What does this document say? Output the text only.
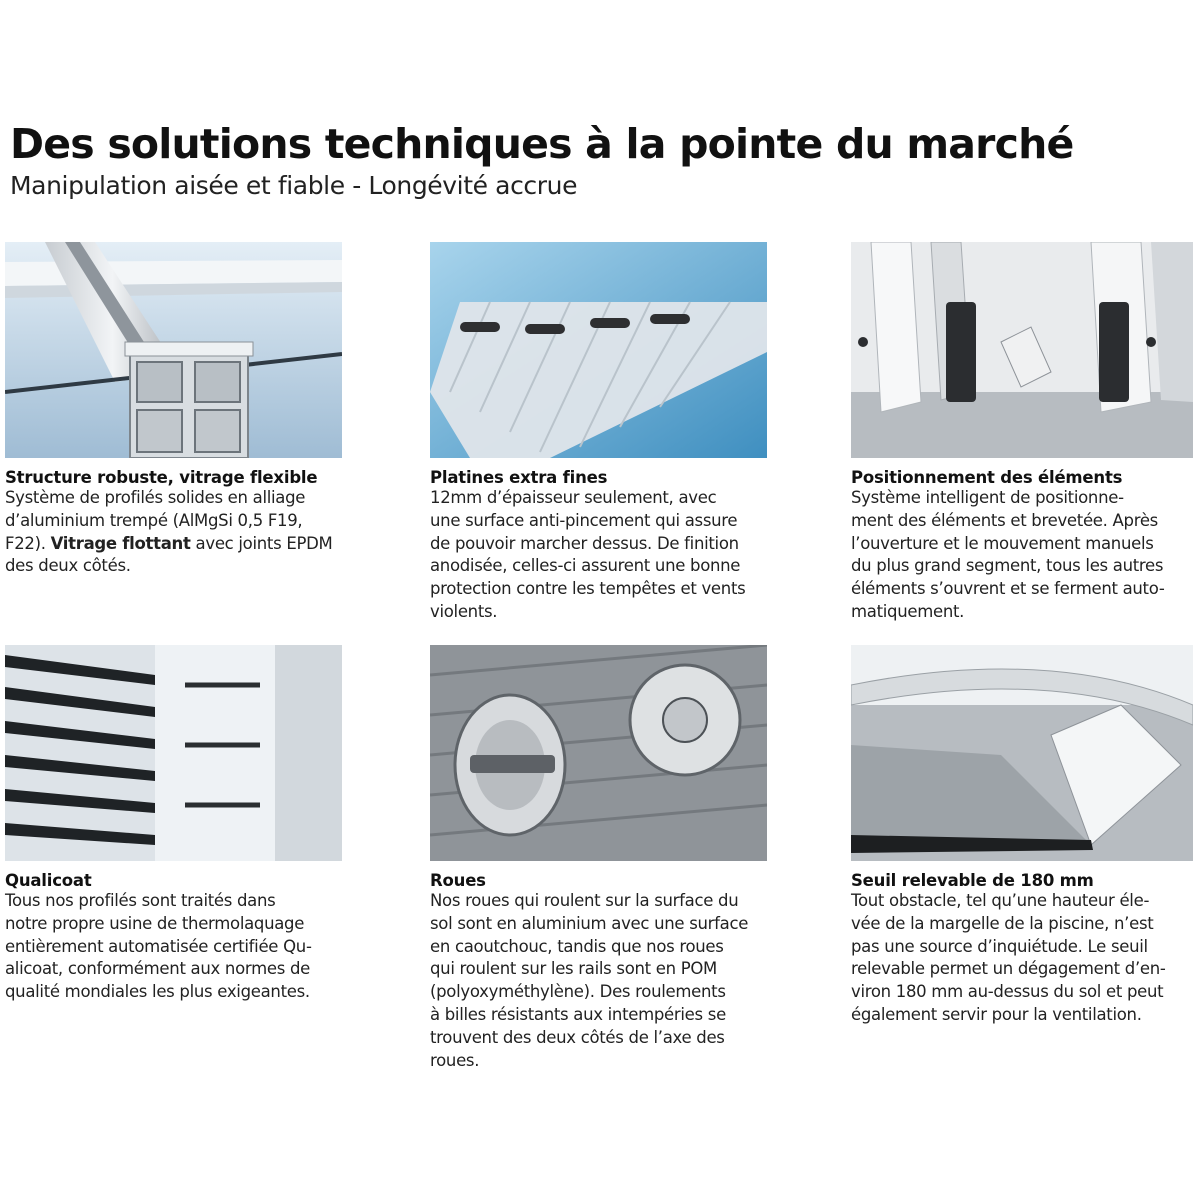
Des solutions techniques à la pointe du marché
Manipulation aisée et fiable - Longévité accrue
Structure robuste, vitrage flexible

Système de profilés solides en alliage
d’aluminium trempé (AlMgSi 0,5 F19,
F22). Vitrage flottant avec joints EPDM
des deux côtés.

Platines extra fines

12mm d’épaisseur seulement, avec
une surface anti-pincement qui assure
de pouvoir marcher dessus. De finition
anodisée, celles-ci assurent une bonne
protection contre les tempêtes et vents
violents.

Positionnement des éléments

Système intelligent de positionne-
ment des éléments et brevetée. Après
l’ouverture et le mouvement manuels
du plus grand segment, tous les autres
éléments s’ouvrent et se ferment auto-
matiquement.

Qualicoat

Tous nos profilés sont traités dans
notre propre usine de thermolaquage
entièrement automatisée certifiée Qu-
alicoat, conformément aux normes de
qualité mondiales les plus exigeantes.

Roues

Nos roues qui roulent sur la surface du
sol sont en aluminium avec une surface
en caoutchouc, tandis que nos roues
qui roulent sur les rails sont en POM
(polyoxyméthylène). Des roulements
à billes résistants aux intempéries se
trouvent des deux côtés de l’axe des
roues.

Seuil relevable de 180 mm

Tout obstacle, tel qu’une hauteur éle-
vée de la margelle de la piscine, n’est
pas une source d’inquiétude. Le seuil
relevable permet un dégagement d’en-
viron 180 mm au-dessus du sol et peut
également servir pour la ventilation.
